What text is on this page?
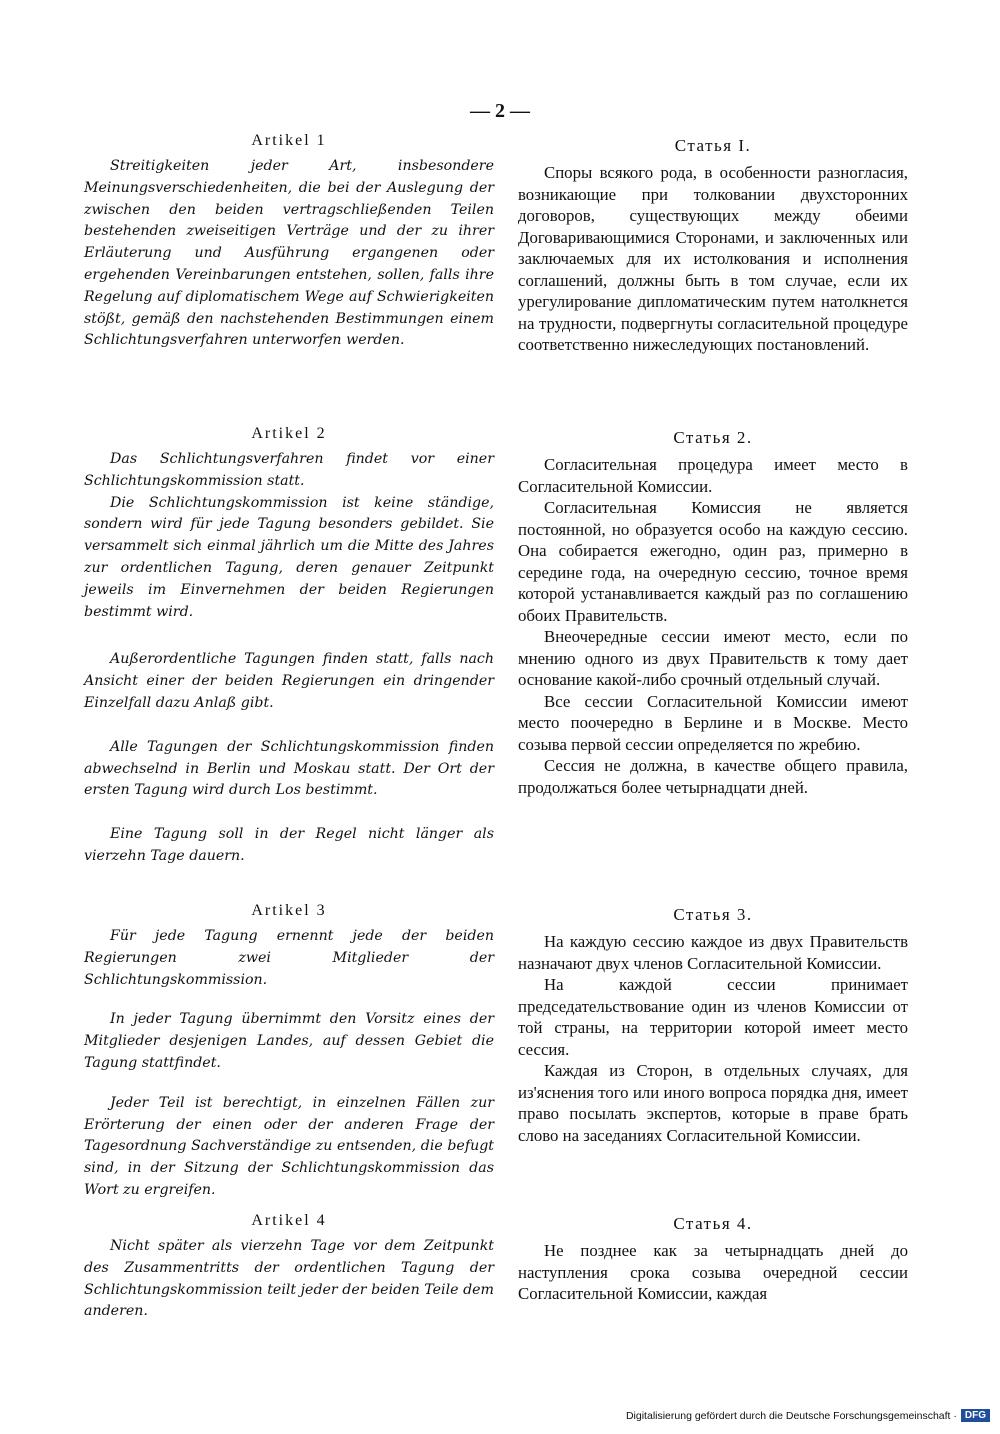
— 2 —
Artikel 1

Streitigkeiten jeder Art, insbesondere Meinungsverschiedenheiten, die bei der Auslegung der zwischen den beiden vertragschließenden Teilen bestehenden zweiseitigen Verträge und der zu ihrer Erläuterung und Ausführung ergangenen oder ergehenden Vereinbarungen entstehen, sollen, falls ihre Regelung auf diplomatischem Wege auf Schwierigkeiten stößt, gemäß den nachstehenden Bestimmungen einem Schlichtungsverfahren unterworfen werden.

Artikel 2

Das Schlichtungsverfahren findet vor einer Schlichtungskommission statt.

Die Schlichtungskommission ist keine ständige, sondern wird für jede Tagung besonders gebildet. Sie versammelt sich einmal jährlich um die Mitte des Jahres zur ordentlichen Tagung, deren genauer Zeitpunkt jeweils im Einvernehmen der beiden Regierungen bestimmt wird.

Außerordentliche Tagungen finden statt, falls nach Ansicht einer der beiden Regierungen ein dringender Einzelfall dazu Anlaß gibt.

Alle Tagungen der Schlichtungskommission finden abwechselnd in Berlin und Moskau statt. Der Ort der ersten Tagung wird durch Los bestimmt.

Eine Tagung soll in der Regel nicht länger als vierzehn Tage dauern.

Artikel 3

Für jede Tagung ernennt jede der beiden Regierungen zwei Mitglieder der Schlichtungskommission.

In jeder Tagung übernimmt den Vorsitz eines der Mitglieder desjenigen Landes, auf dessen Gebiet die Tagung stattfindet.

Jeder Teil ist berechtigt, in einzelnen Fällen zur Erörterung der einen oder der anderen Frage der Tagesordnung Sachverständige zu entsenden, die befugt sind, in der Sitzung der Schlichtungskommission das Wort zu ergreifen.

Artikel 4

Nicht später als vierzehn Tage vor dem Zeitpunkt des Zusammentritts der ordentlichen Tagung der Schlichtungskommission teilt jeder der beiden Teile dem anderen.

Статья I.

Споры всякого рода, в особенности разногласия, возникающие при толковании двухсторонних договоров, существующих между обеими Договаривающимися Сторонами, и заключенных или заключаемых для их истолкования и исполнения соглашений, должны быть в том случае, если их урегулирование дипломатическим путем натолкнется на трудности, подвергнуты согласительной процедуре соответственно нижеследующих постановлений.

Статья 2.

Согласительная процедура имеет место в Согласительной Комиссии.

Согласительная Комиссия не является постоянной, но образуется особо на каждую сессию. Она собирается ежегодно, один раз, примерно в середине года, на очередную сессию, точное время которой устанавливается каждый раз по соглашению обоих Правительств.

Внеочередные сессии имеют место, если по мнению одного из двух Правительств к тому дает основание какой-либо срочный отдельный случай.

Все сессии Согласительной Комиссии имеют место поочередно в Берлине и в Москве. Место созыва первой сессии определяется по жребию.

Сессия не должна, в качестве общего правила, продолжаться более четырнадцати дней.

Статья 3.

На каждую сессию каждое из двух Правительств назначают двух членов Согласительной Комиссии.

На каждой сессии принимает председательствование один из членов Комиссии от той страны, на территории которой имеет место сессия.

Каждая из Сторон, в отдельных случаях, для из'яснения того или иного вопроса порядка дня, имеет право посылать экспертов, которые в праве брать слово на заседаниях Согласительной Комиссии.

Статья 4.

Не позднее как за четырнадцать дней до наступления срока созыва очередной сессии Согласительной Комиссии, каждая

Digitalisierung gefördert durch die Deutsche Forschungsgemeinschaft · DFG
